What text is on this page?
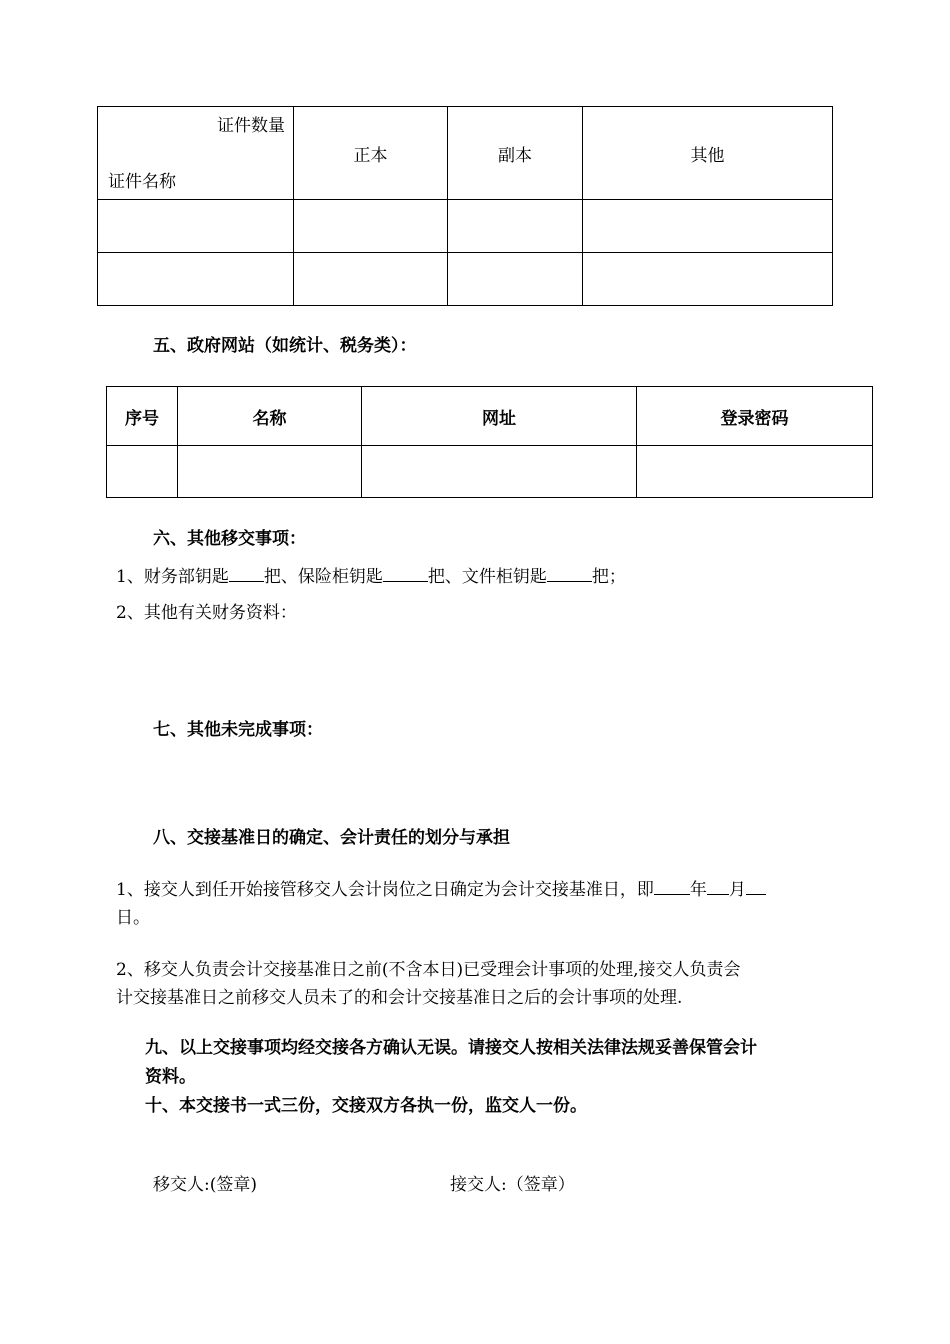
证件数量
证件名称	正本	副本	其他

五、政府网站（如统计、税务类）：
序号	名称	网址	登录密码

六、其他移交事项：
1、财务部钥匙 把、保险柜钥匙	把、文件柜钥匙	把；
2、其他有关财务资料：
七、其他未完成事项：
八、交接基准日的确定、会计责任的划分与承担
1、接交人到任开始接管移交人会计岗位之日确定为会计交接基准日，即 年 月
日。
2、移交人负责会计交接基准日之前(不含本日)已受理会计事项的处理,接交人负责会
计交接基准日之前移交人员未了的和会计交接基准日之后的会计事项的处理.
九、以上交接事项均经交接各方确认无误。请接交人按相关法律法规妥善保管会计
资料。
十、本交接书一式三份，交接双方各执一份，监交人一份。
移交人:(签章)	接交人:（签章）
